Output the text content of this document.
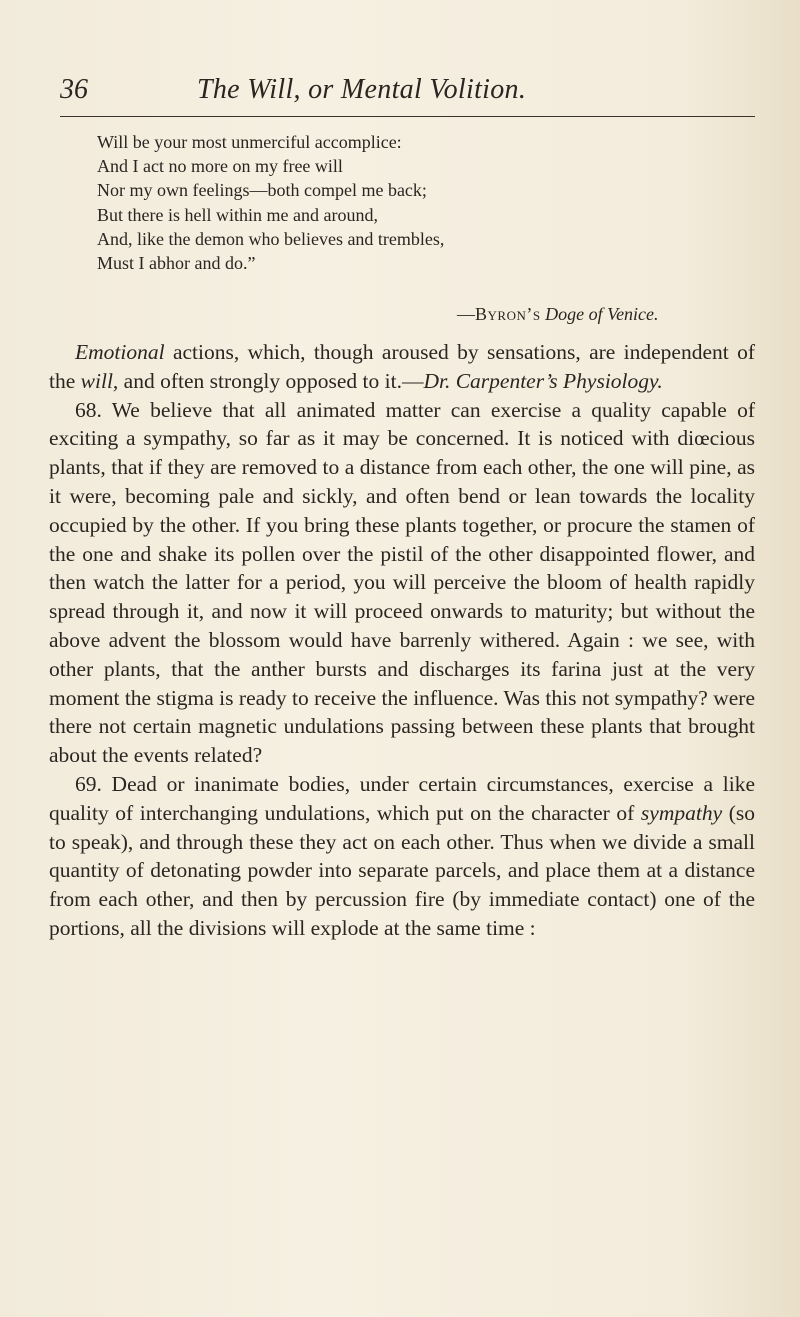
36	The Will, or Mental Volition.
Will be your most unmerciful accomplice:
And I act no more on my free will
Nor my own feelings—both compel me back;
But there is hell within me and around,
And, like the demon who believes and trembles,
Must I abhor and do.”
—Byron’s Doge of Venice.

Emotional actions, which, though aroused by sensations, are independent of the will, and often strongly opposed to it.—Dr. Carpenter’s Physiology.

68. We believe that all animated matter can exercise a quality capable of exciting a sympathy, so far as it may be concerned. It is noticed with diœcious plants, that if they are removed to a distance from each other, the one will pine, as it were, becoming pale and sickly, and often bend or lean towards the locality occupied by the other. If you bring these plants together, or procure the stamen of the one and shake its pollen over the pistil of the other disappointed flower, and then watch the latter for a period, you will perceive the bloom of health rapidly spread through it, and now it will proceed onwards to maturity; but without the above advent the blossom would have barrenly withered. Again : we see, with other plants, that the anther bursts and discharges its farina just at the very moment the stigma is ready to receive the influence. Was this not sympathy? were there not certain magnetic undulations passing between these plants that brought about the events related?

69. Dead or inanimate bodies, under certain circumstances, exercise a like quality of interchanging undulations, which put on the character of sympathy (so to speak), and through these they act on each other. Thus when we divide a small quantity of detonating powder into separate parcels, and place them at a distance from each other, and then by percussion fire (by immediate contact) one of the portions, all the divisions will explode at the same time :
